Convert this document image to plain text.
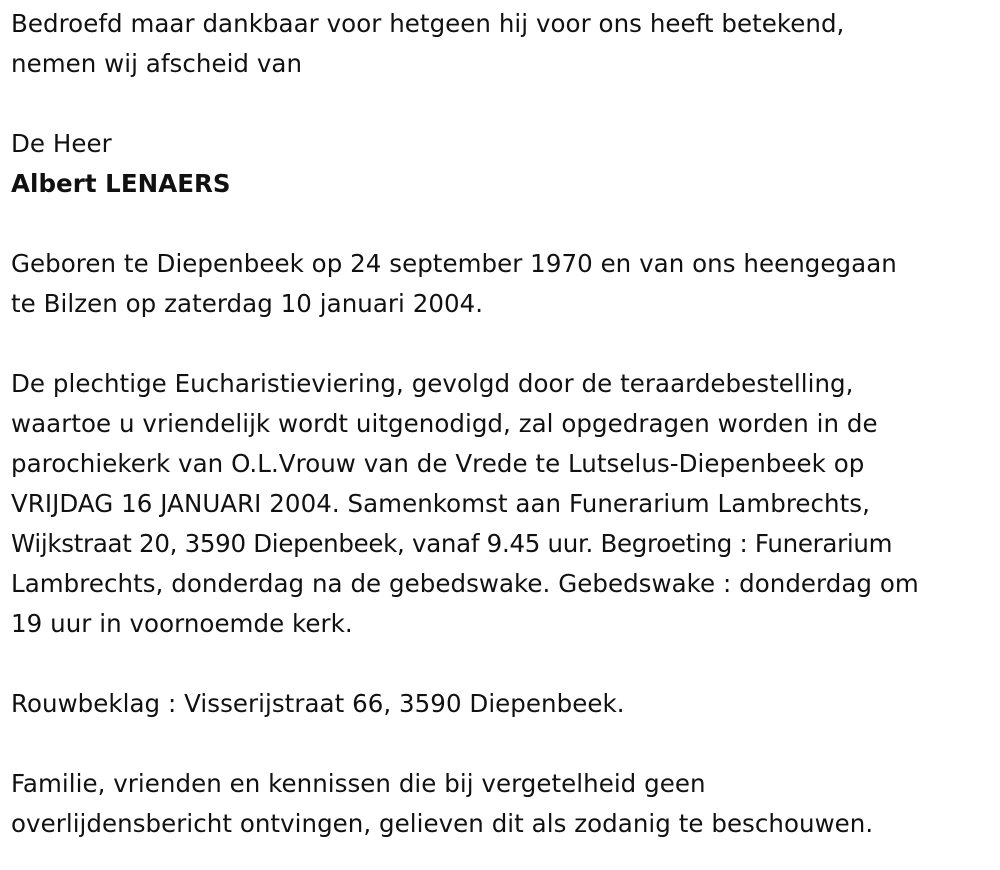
Bedroefd maar dankbaar voor hetgeen hij voor ons heeft betekend,
nemen wij afscheid van
De Heer
Albert LENAERS
Geboren te Diepenbeek op 24 september 1970 en van ons heengegaan
te Bilzen op zaterdag 10 januari 2004.
De plechtige Eucharistieviering, gevolgd door de teraardebestelling,
waartoe u vriendelijk wordt uitgenodigd, zal opgedragen worden in de
parochiekerk van O.L.Vrouw van de Vrede te Lutselus-Diepenbeek op
VRIJDAG 16 JANUARI 2004. Samenkomst aan Funerarium Lambrechts,
Wijkstraat 20, 3590 Diepenbeek, vanaf 9.45 uur. Begroeting : Funerarium
Lambrechts, donderdag na de gebedswake. Gebedswake : donderdag om
19 uur in voornoemde kerk.
Rouwbeklag : Visserijstraat 66, 3590 Diepenbeek.
Familie, vrienden en kennissen die bij vergetelheid geen
overlijdensbericht ontvingen, gelieven dit als zodanig te beschouwen.
